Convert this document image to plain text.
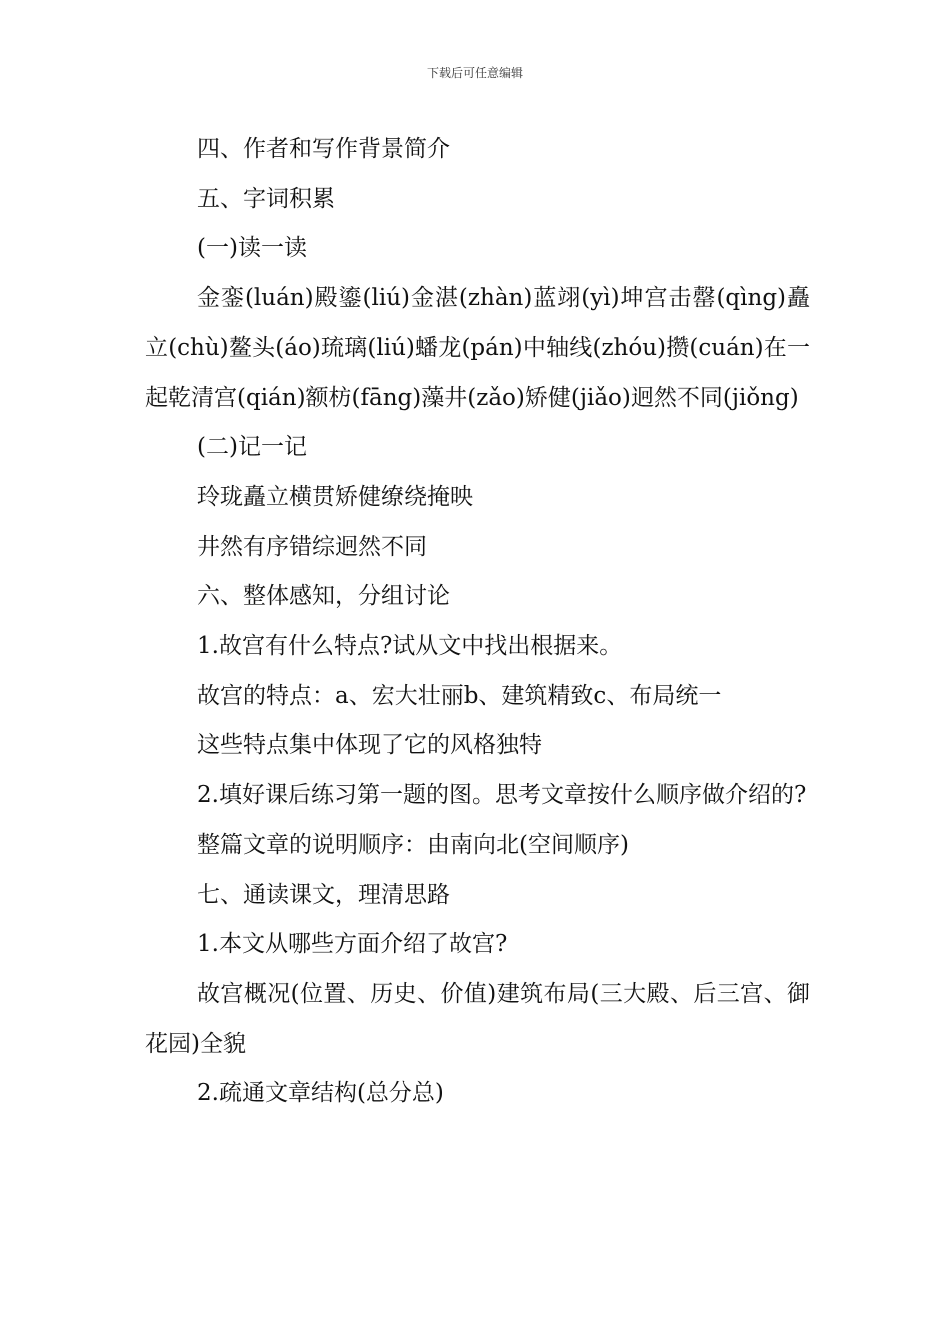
下载后可任意编辑

四、作者和写作背景简介

五、字词积累

(一)读一读

金銮(luán)殿鎏(liú)金湛(zhàn)蓝翊(yì)坤宫击罄(qìng)矗立(chù)鳌头(áo)琉璃(liú)蟠龙(pán)中轴线(zhóu)攒(cuán)在一起乾清宫(qián)额枋(fāng)藻井(zǎo)矫健(jiǎo)迥然不同(jiǒng)

(二)记一记

玲珑矗立横贯矫健缭绕掩映

井然有序错综迥然不同

六、整体感知，分组讨论

1.故宫有什么特点?试从文中找出根据来。

故宫的特点：a、宏大壮丽b、建筑精致c、布局统一

这些特点集中体现了它的风格独特

2.填好课后练习第一题的图。思考文章按什么顺序做介绍的?

整篇文章的说明顺序：由南向北(空间顺序)

七、通读课文，理清思路

1.本文从哪些方面介绍了故宫?

故宫概况(位置、历史、价值)建筑布局(三大殿、后三宫、御花园)全貌

2.疏通文章结构(总分总)
